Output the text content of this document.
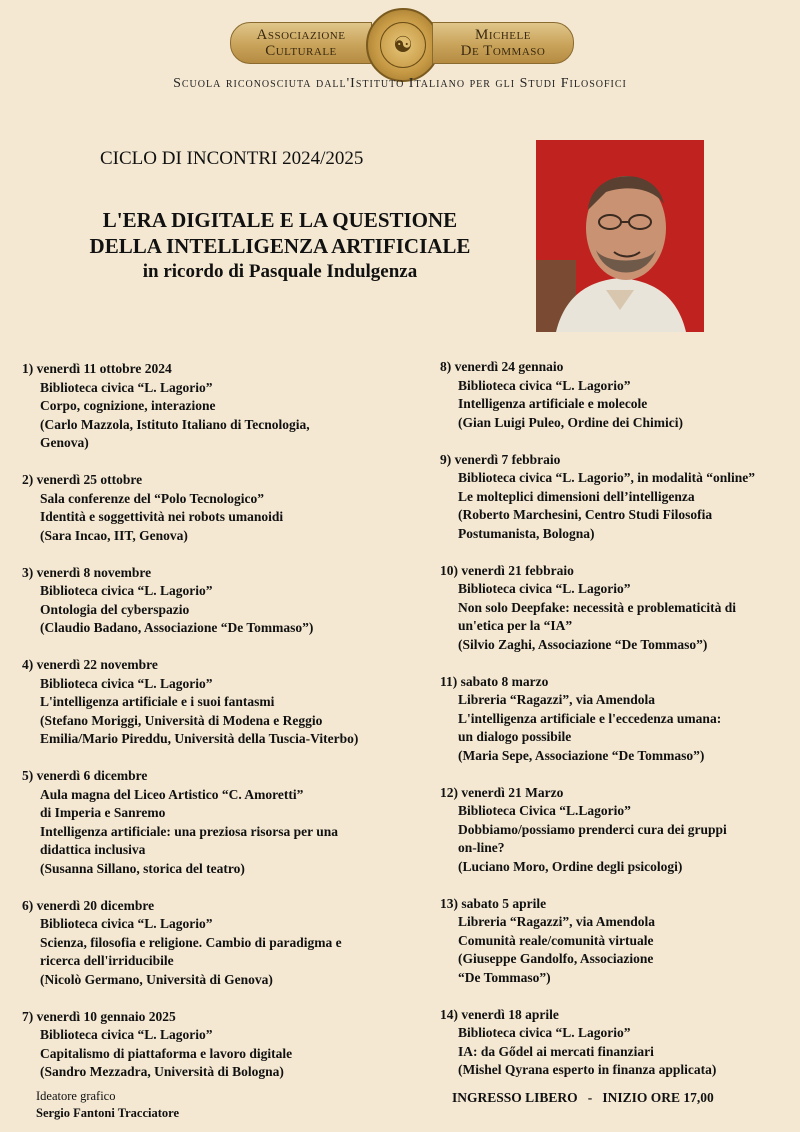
Associazione
Culturale	☯	Michele
De Tommaso
Scuola riconosciuta dall'Istituto Italiano per gli Studi Filosofici
CICLO DI INCONTRI 2024/2025
L'ERA DIGITALE E LA QUESTIONE
DELLA INTELLIGENZA ARTIFICIALE
in ricordo di Pasquale Indulgenza
1) venerdì 11 ottobre 2024
Biblioteca civica “L. Lagorio”
Corpo, cognizione, interazione
(Carlo Mazzola, Istituto Italiano di Tecnologia,
Genova)
2) venerdì 25 ottobre
Sala conferenze del “Polo Tecnologico”
Identità e soggettività nei robots umanoidi
(Sara Incao, IIT, Genova)
3) venerdì 8 novembre
Biblioteca civica “L. Lagorio”
Ontologia del cyberspazio
(Claudio Badano, Associazione “De Tommaso”)
4) venerdì 22 novembre
Biblioteca civica “L. Lagorio”
L'intelligenza artificiale e i suoi fantasmi
(Stefano Moriggi, Università di Modena e Reggio
Emilia/Mario Pireddu, Università della Tuscia-Viterbo)
5) venerdì 6 dicembre
Aula magna del Liceo Artistico “C. Amoretti”
di Imperia e Sanremo
Intelligenza artificiale: una preziosa risorsa per una
didattica inclusiva
(Susanna Sillano, storica del teatro)
6) venerdì 20 dicembre
Biblioteca civica “L. Lagorio”
Scienza, filosofia e religione. Cambio di paradigma e
ricerca dell'irriducibile
(Nicolò Germano, Università di Genova)
7) venerdì 10 gennaio 2025
Biblioteca civica “L. Lagorio”
Capitalismo di piattaforma e lavoro digitale
(Sandro Mezzadra, Università di Bologna)
8) venerdì 24 gennaio
Biblioteca civica “L. Lagorio”
Intelligenza artificiale e molecole
(Gian Luigi Puleo, Ordine dei Chimici)
9) venerdì 7 febbraio
Biblioteca civica “L. Lagorio”, in modalità “online”
Le molteplici dimensioni dell’intelligenza
(Roberto Marchesini, Centro Studi Filosofia
Postumanista, Bologna)
10) venerdì 21 febbraio
Biblioteca civica “L. Lagorio”
Non solo Deepfake: necessità e problematicità di
un'etica per la “IA”
(Silvio Zaghi, Associazione “De Tommaso”)
11) sabato 8 marzo
Libreria “Ragazzi”, via Amendola
L'intelligenza artificiale e l'eccedenza umana:
un dialogo possibile
(Maria Sepe, Associazione “De Tommaso”)
12) venerdì 21 Marzo
Biblioteca Civica “L.Lagorio”
Dobbiamo/possiamo prenderci cura dei gruppi
on-line?
(Luciano Moro, Ordine degli psicologi)
13) sabato 5 aprile
Libreria “Ragazzi”, via Amendola
Comunità reale/comunità virtuale
(Giuseppe Gandolfo, Associazione
“De Tommaso”)
14) venerdì 18 aprile
Biblioteca civica “L. Lagorio”
IA: da Gődel ai mercati finanziari
(Mishel Qyrana esperto in finanza applicata)
Ideatore grafico
Sergio Fantoni Tracciatore
INGRESSO LIBERO   -   INIZIO ORE 17,00
